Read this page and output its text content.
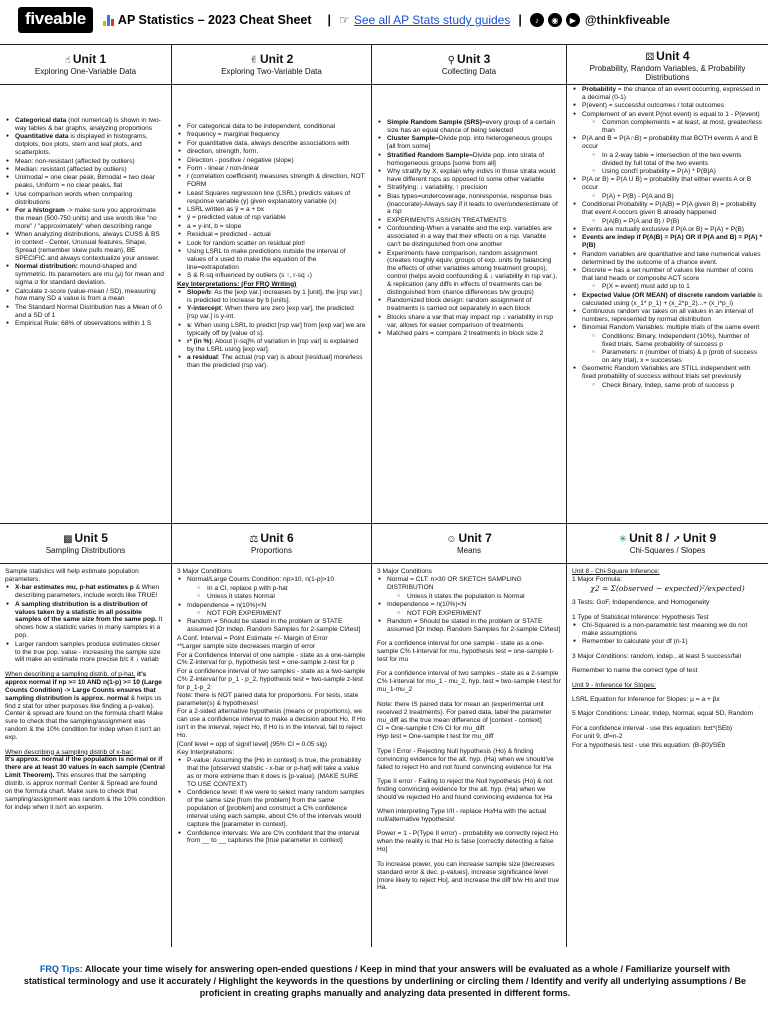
fiveable	AP Statistics – 2023 Cheat Sheet | ☞ See all AP Stats study guides |	♪	◉	▶ @thinkfiveable
☝ Unit 1
Exploring One-Variable Data
● Categorical data (not numerical) is shown in two-way tables & bar graphs, analyzing proportions
● Quantitative data is displayed in histograms, dotplots, box plots, stem and leaf plots, and scatterplots.
● Mean: non-resistant (affected by outliers)
● Median: resistant (affected by outliers)
● Unimodal = one clear peak, Bimodal = two clear peaks, Uniform = no clear peaks, flat
● Use comparison words when comparing distributions
● For a histogram -> make sure you approximate the mean (500-750 units) and use words like "no more" / "approximately" when describing range
● When analyzing distributions, always CUSS & BS in context - Center, Unusual features, Shape, Spread (remember skew pulls mean), BE SPECIFIC and always contextualize your answer.
● Normal distribution: mound-shaped and symmetric. Its parameters are mu (μ) for mean and sigma σ for standard deviation.
● Calculate z-score (value-mean / SD), measuring how many SD a value is from a mean
● The Standard Normal Distribution has a Mean of 0 and a SD of 1
● Empirical Rule: 68% of observations within 1 S
✌ Unit 2
Exploring Two-Variable Data
● For categorical data to be independent, conditional
● frequency = marginal frequency
● For quantitative data, always describe associations with
● direction, strength, form.
● Direction - positive / negative (slope)
● Form - linear / non-linear
● r (correlation coefficient) measures strength & direction, NOT FORM
● Least Squares regression line (LSRL) predicts values of response variable (y) given explanatory variable (x)
● LSRL written as ŷ = a + bx
● ŷ = predicted value of rsp variable
● a = y-int, b = slope
● Residual = predicted - actual
● Look for random scatter on residual plot!
● Using LSRL to make predictions outside the interval of values of x used to make the equation of the line=extrapolation
● S & R-sq influenced by outliers (s ↑, r-sq ↓)

Key Interpretations: (For FRQ Writing)

● Slope/b: As the [exp var.] increases by 1 [unit], the [rsp var.] is predicted to increase by b [units].
● Y-intercept: When there are zero [exp var], the predicted [rsp var.] is y-int.
● s: When using LSRL to predict [rsp var] from [exp var] we are typically off by [value of s].
● r² (in %): About [r-sq]% of variation in [rsp var] is explained by the LSRL using [exp var].
● a residual: The actual (rsp var) is about [residual] more/less than the predicted (rsp var).
⚲ Unit 3
Collecting Data
● Simple Random Sample (SRS)=every group of a certain size has an equal chance of being selected
● Cluster Sample=Divide pop. into heterogeneous groups [all from some]
● Stratified Random Sample=Divide pop. into strata of homogeneous groups [some from all]
● Why stratify by X, explain why indivs in those strata would have different rsps as opposed to some other variable
● Stratifying: ↓ variability, ↑ precision
● Bias types=undercoverage, nonresponse, response bias (inaccurate)-Always say if it leads to over/underestimate of a rsp
● EXPERIMENTS ASSIGN TREATMENTS
● Confounding-When a variable and the exp. variables are associated in a way that their effects on a rsp. Variable can't be distinguished from one another
● Experiments have comparison, random assignment (creates roughly equiv. groups of exp. units by balancing the effects of other variables among treatment groups), control (helps avoid confounding & ↓ variability in rsp var.), & replication (any diffs in effects of treatments can be distinguished from chance differences b/w groups)
● Randomized block design: random assignment of treatments is carried out separately in each block
● Blocks share a var that may impact rsp ↓ variability in rsp var, allows for easier comparison of treatments
● Matched pairs = compare 2 treatments in block size 2
⚄ Unit 4
Probability, Random Variables, & Probability Distributions
● Probability = the chance of an event occurring, expressed in a decimal (0-1)
● P(event) = successful outcomes / total outcomes
● Complement of an event P(not event) is equal to 1 - P(event)
○ Common complements = at least, at most, greater/less than
● P(A and B = P(A∩B) = probability that BOTH events A and B occur
○ In a 2-way table = intersection of the two events divided by full total of the two events
○ Using cond'l probability = P(A) * P(B|A)
● P(A or B) = P(A U B) = probability that either events A or B occur
○ P(A) + P(B) - P(A and B)
● Conditional Probability = P(A|B) = P(A given B) = probability that event A occurs given B already happened
○ P(A|B) = P(A and B) / P(B)
● Events are mutually exclusive if P(A or B) = P(A) + P(B)
● Events are indep if P(A|B) = P(A) OR if P(A and B) = P(A) * P(B)
● Random variables are quantitative and take numerical values determined by the outcome of a chance event.
● Discrete = has a set number of values like number of coins that land heads or composite ACT score
○ P(X = event) must add up to 1
● Expected Value (OR MEAN) of discrete random variable is calculated using (x_1* p_1) + (x_2*p_2)...+ (x_i*p_i)
● Continuous random var takes on all values in an interval of numbers, represented by normal distribution
● Binomial Random Variables: multiple trials of the same event
○ Conditions: Binary, Independent (10%), Number of fixed trials, Same probability of success p
○ Parameters: n (number of trials) & p (prob of success on any trial), x = successes
● Geometric Random Variables are STILL independent with fixed probability of success without trials set previously
○ Check Binary, Indep, same prob of success p
▩ Unit 5
Sampling Distributions

Sample statistics will help estimate population parameters.

● X-bar estimates mu, p-hat estimates p & When describing parameters, include words like TRUE!
● A sampling distribution is a distribution of values taken by a statistic in all possible samples of the same size from the same pop. It shows how a statistic varies in many samples in a pop.
● Larger random samples produce estimates closer to the true pop. value - increasing the sample size will make an estimate more precise b/c it ↓ variab

When describing a sampling distrib. of p-hat, it's approx normal if np >= 10 AND n(1-p) >= 10 (Large Counts Condition) -> Large Counts ensures that sampling distribution is approx. normal & helps us find z stat for other purposes like finding a p-value). Center & spread are found on the formula chart! Make sure to check that the sampling/assignment was random & the 10% condition for indep when it isn't an exp.

When describing a sampling distrib of x-bar:
It's approx. normal if the population is normal or if there are at least 30 values in each sample (Central Limit Theorem). This ensures that the sampling distrib. is approx normal! Center & Spread are found on the formula chart. Make sure to check that sampling/assignment was random & the 10% condition for indep when it isn't an experim.

⚖ Unit 6
Proportions

3 Major Conditions

● Normal/Large Counts Condition: np>10, n(1-p)>10
○ In a CI, replace p with p-hat
○ Unless it states Normal
● Independence = n(10%)<N
○ NOT FOR EXPERIMENT
● Random = Should be stated in the problem or STATE assumed [Or Indep. Random Samples for 2-sample CI/test]

A Conf. Interval = Point Estimate +/- Margin of Error

**Larger sample size decreases margin of error

For a Confidence Interval of one sample - state as a one-sample C% Z-interval for p, hypothesis test = one-sample z-test for p

For a confidence interval of two samples - state as a two-sample C% Z-interval for p_1 - p_2, hypothesis test = two-sample z-test for p_1-p_2

Note: there is NOT paired data for proportions. For tests, state parameter(s) & hypotheses!

For a 2-sided alternative hypothesis (means or proportions), we can use a confidence interval to make a decision about Ho. If Ho isn't in the interval, reject Ho, If Ho is in the interval, fail to reject Ho.

[Conf level = opp of signif level] (95% CI = 0.05 sig)

Key Interpretations:

● P-value: Assuming the [Ho in context] is true, the probability that the [observed statistic - x-bar or p-hat] will take a value as or more extreme than it does is [p-value]. (MAKE SURE TO USE CONTEXT)
● Confidence level: If we were to select many random samples of the same size [from the problem] from the same population of [problem] and construct a C% confidence interval using each sample, about C% of the intervals would capture the [parameter in context].
● Confidence intervals: We are C% confident that the interval from __ to __ captures the [true parameter in context]
☺ Unit 7
Means

3 Major Conditions

● Normal = CLT: n>30 OR SKETCH SAMPLING DISTRIBUTION
○ Unless it states the population is Normal
● Independence = n(10%)<N
○ NOT FOR EXPERIMENT
● Random = Should be stated in the problem or STATE assumed [Or Indep. Random Samples for 2-sample CI/test]

For a confidence interval for one sample - state as a one-sample C% t-interval for mu, hypothesis test = one-sample t-test for mu

For a confidence interval of two samples - state as a 2-sample C% t-interval for mu_1 - mu_2, hyp. test = two-sample t-test for mu_1-mu_2

Note: there IS paired data for mean an (experimental unit received 2 treatments). For paired data, label the parameter mu_diff as the true mean difference of [context - context]

CI = One-sample t C% CI for mu_diff

Hyp test = One-sample t test for mu_diff

Type I Error - Rejecting Null hypothesis (Ho) & finding convincing evidence for the alt. hyp. (Ha) when we should've failed to reject Ho and not found convincing evidence for Ha

Type II error - Failing to reject the Null hypothesis (Ho) & not finding convincing evidence for the alt. hyp. (Ha) when we should've rejected Ho and found convincing evidence for Ha

When interpreting Type I/II - replace Ho/Ha with the actual null/alternative hypothesis!

Power = 1 - P(Type II error) - probability we correctly reject Ho when the reality is that Ho is false [correctly detecting a false Ho]

To increase power, you can increase sample size [decreases standard error & dec. p-values], increase significance level [more likely to reject Ho], and increase the diff b/w Ho and true Ha.

✳ Unit 8 / ➚ Unit 9
Chi-Squares / Slopes

Unit 8 - Chi-Square Inference:

1 Major Formula:

χ2 = Σ(observed − expected)²/expected)

3 Tests: GoF, Independence, and Homogeneity

1 Type of Statistical Inference: Hypothesis Test

● Chi-Squared is a non-parametric test meaning we do not make assumptions
● Remember to calculate your df (n-1)

3 Major Conditions: random, indep., at least 5 success/fail

Remember to name the correct type of test

Unit 9 - Inference for Slopes:

LSRL Equation for Inference for Slopes: μ = a + βx

5 Major Conditions: Linear, Indep, Normal, equal SD, Random

For a confidence interval - use this equation: b±t*(SEb)

For unit 9, df=n-2

For a hypothesis test - use this equation: (B-β0)/SEb

FRQ Tips: Allocate your time wisely for answering open-ended questions / Keep in mind that your answers will be evaluated as a whole / Familiarize yourself with statistical terminology and use it accurately / Highlight the keywords in the questions by underlining or circling them / Identify and verify all underlying assumptions / Be proficient in creating graphs manually and analyzing data presented in different forms.
